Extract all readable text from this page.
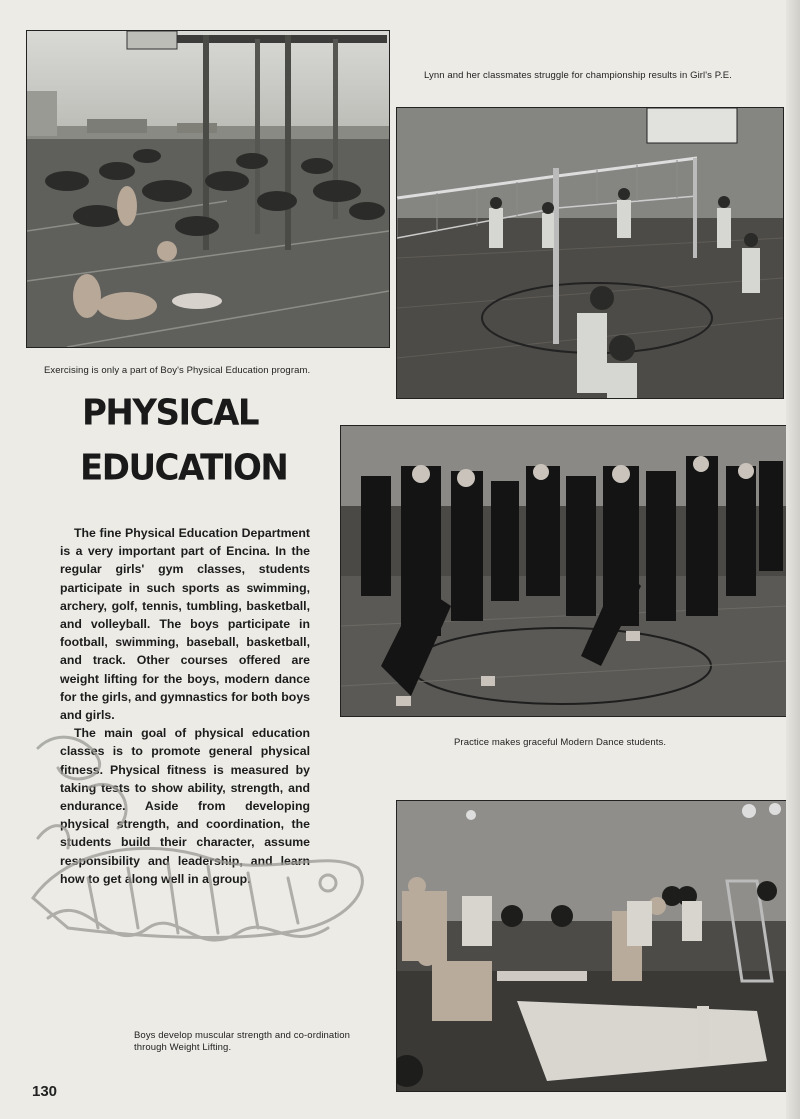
Exercising is only a part of Boy's Physical Education program.
Lynn and her classmates struggle for championship results in Girl's P.E.
PHYSICAL
EDUCATION
Practice makes graceful Modern Dance students.

The fine Physical Education Department is a very important part of Encina. In the regular girls' gym classes, students participate in such sports as swimming, archery, golf, tennis, tumbling, basketball, and volleyball. The boys participate in football, swimming, baseball, basketball, and track. Other courses offered are weight lifting for the boys, modern dance for the girls, and gymnastics for both boys and girls.

The main goal of physical education classes is to promote general physical fitness. Physical fitness is measured by taking tests to show ability, strength, and endurance. Aside from developing physical strength, and coordination, the students build their character, assume responsibility and leadership, and learn how to get along well in a group.

Boys develop muscular strength and co-ordination through Weight Lifting.
130
